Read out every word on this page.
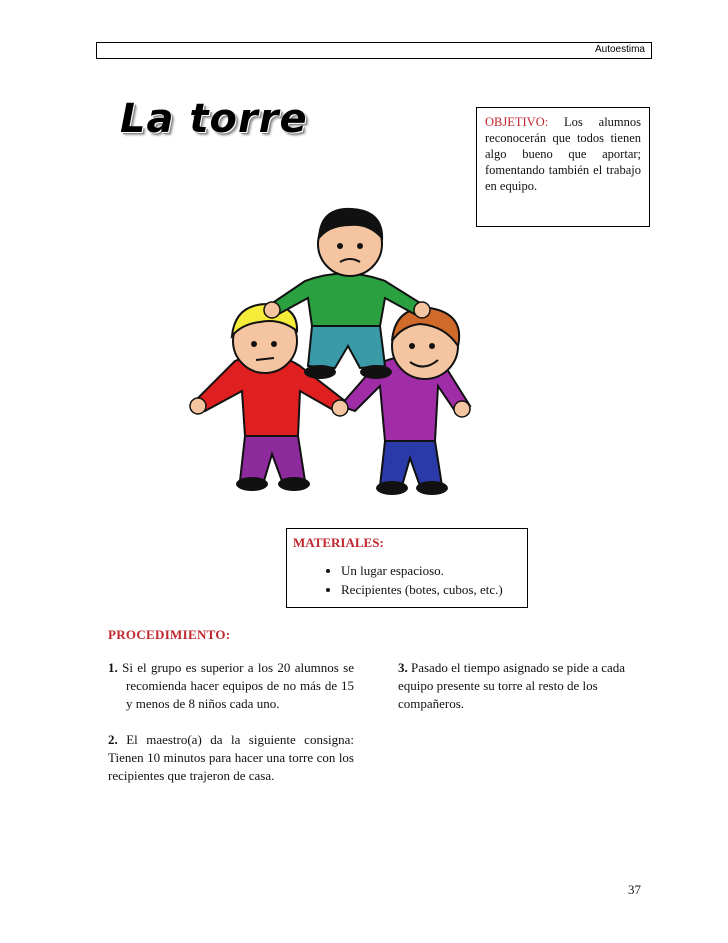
Autoestima
La torre	OBJETIVO: Los alumnos reconocerán que todos tienen algo bueno que aportar; fomentando también el trabajo en equipo.
MATERIALES:
• Un lugar espacioso.
• Recipientes (botes, cubos, etc.)
PROCEDIMIENTO:

1. Si el grupo es superior a los 20 alumnos se recomienda hacer equipos de no más de 15 y menos de 8 niños cada uno.

2. El maestro(a) da la siguiente consigna: Tienen 10 minutos para hacer una torre con los recipientes que trajeron de casa.

3. Pasado el tiempo asignado se pide a cada equipo presente su torre al resto de los compañeros.

37
